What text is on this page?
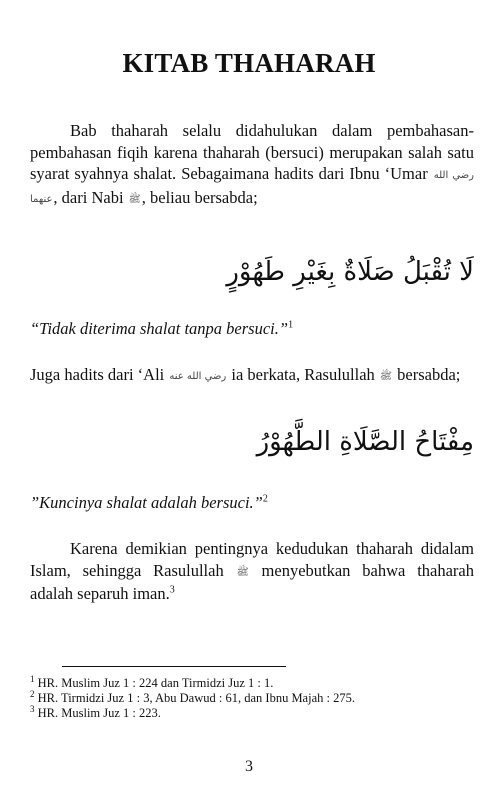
KITAB THAHARAH
Bab thaharah selalu didahulukan dalam pembahasan-pembahasan fiqih karena thaharah (bersuci) merupakan salah satu syarat syahnya shalat. Sebagaimana hadits dari Ibnu ‘Umar رضي الله عنهما, dari Nabi ﷺ, beliau bersabda;
لَا تُقْبَلُ صَلَاةٌ بِغَيْرِ طَهُوْرٍ
“Tidak diterima shalat tanpa bersuci.”$^1$
Juga hadits dari ‘Ali رضي الله عنه ia berkata, Rasulullah ﷺ bersabda;
مِفْتَاحُ الصَّلَاةِ الطَّهُوْرُ
”Kuncinya shalat adalah bersuci.”$^2$
Karena demikian pentingnya kedudukan thaharah didalam Islam, sehingga Rasulullah ﷺ menyebutkan bahwa thaharah adalah separuh iman.$^3$
$^1$ HR. Muslim Juz 1 : 224 dan Tirmidzi Juz 1 : 1.
$^2$ HR. Tirmidzi Juz 1 : 3, Abu Dawud : 61, dan Ibnu Majah : 275.
$^3$ HR. Muslim Juz 1 : 223.
3
